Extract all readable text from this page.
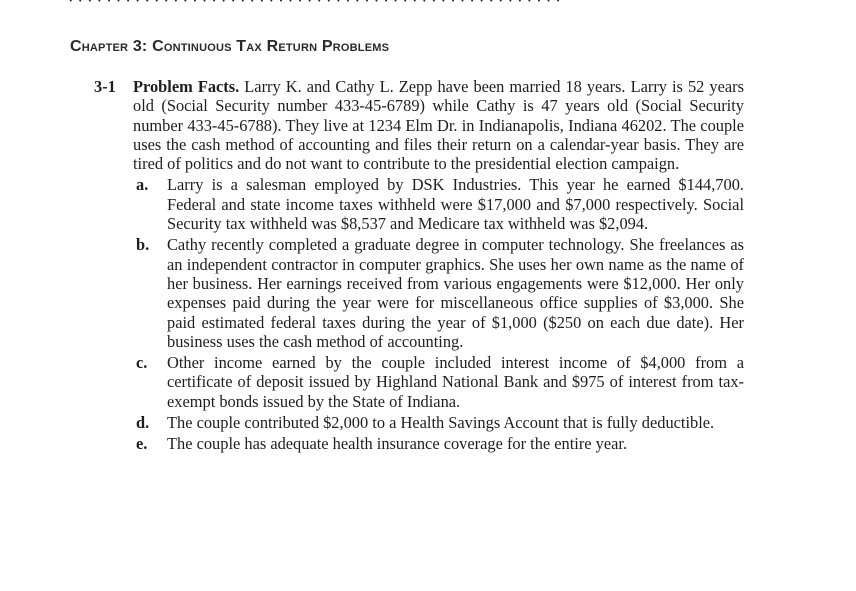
· · · · · · · · · · · · · · · · · · · · · · · · · · · · · · · · · · · · · · · · · · · · · · · · · · · ·
Chapter 3: Continuous Tax Return Problems
3-1	Problem Facts. Larry K. and Cathy L. Zepp have been married 18 years. Larry is 52 years old (Social Security number 433-45-6789) while Cathy is 47 years old (Social Security number 433-45-6788). They live at 1234 Elm Dr. in Indianapolis, Indiana 46202. The couple uses the cash method of accounting and files their return on a calendar-year basis. They are tired of politics and do not want to contribute to the presidential election campaign.
a.	Larry is a salesman employed by DSK Industries. This year he earned $144,700. Federal and state income taxes withheld were $17,000 and $7,000 respectively. Social Security tax withheld was $8,537 and Medicare tax withheld was $2,094.
b.	Cathy recently completed a graduate degree in computer technology. She freelances as an independent contractor in computer graphics. She uses her own name as the name of her business. Her earnings received from various engagements were $12,000. Her only expenses paid during the year were for miscellaneous office supplies of $3,000. She paid estimated federal taxes during the year of $1,000 ($250 on each due date). Her business uses the cash method of accounting.
c.	Other income earned by the couple included interest income of $4,000 from a certificate of deposit issued by Highland National Bank and $975 of interest from tax-exempt bonds issued by the State of Indiana.
d.	The couple contributed $2,000 to a Health Savings Account that is fully deductible.
e.	The couple has adequate health insurance coverage for the entire year.
